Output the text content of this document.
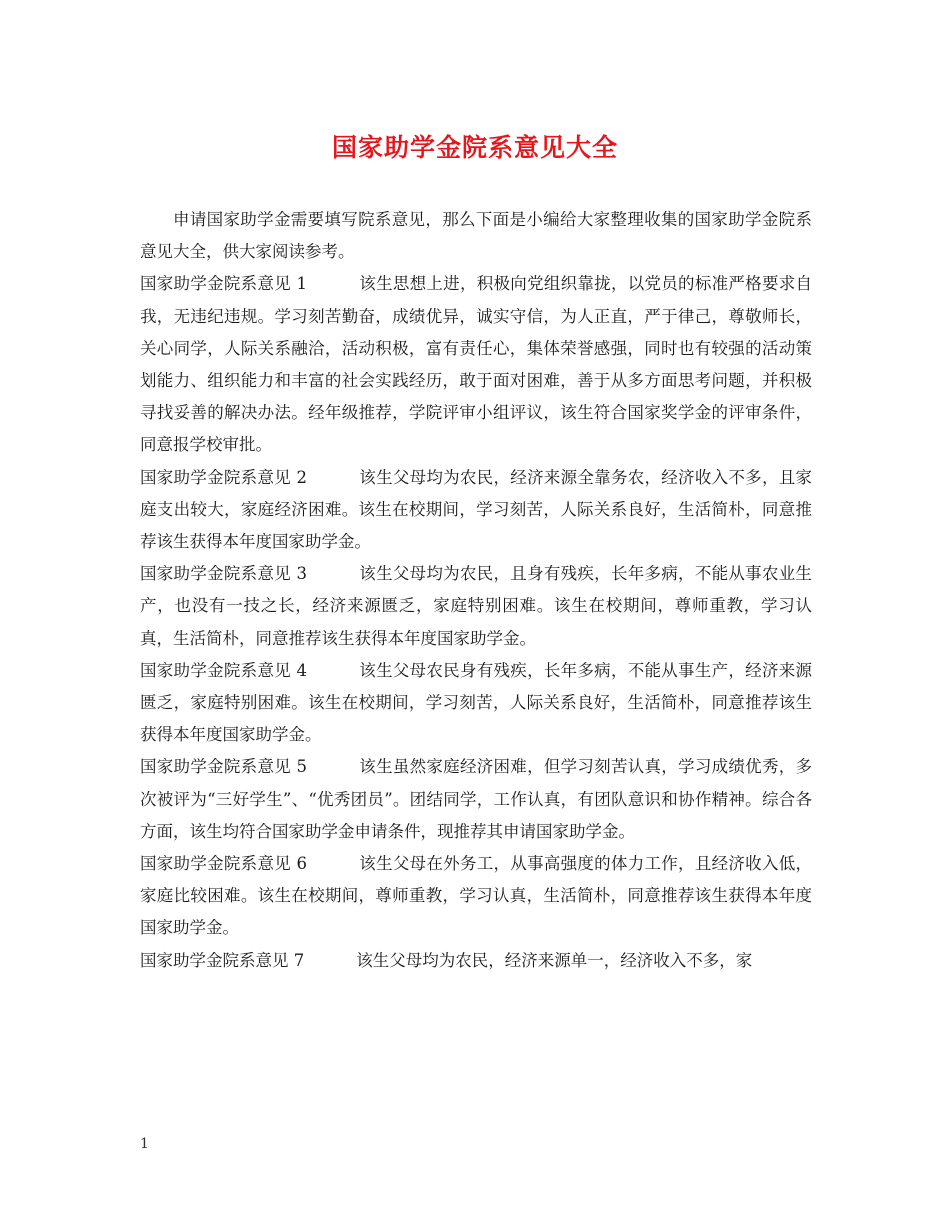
国家助学金院系意见大全

申请国家助学金需要填写院系意见，那么下面是小编给大家整理收集的国家助学金院系意见大全，供大家阅读参考。

国家助学金院系意见 1	该生思想上进，积极向党组织靠拢，以党员的标准严格要求自我，无违纪违规。学习刻苦勤奋，成绩优异，诚实守信，为人正直，严于律己，尊敬师长，关心同学，人际关系融洽，活动积极，富有责任心，集体荣誉感强，同时也有较强的活动策划能力、组织能力和丰富的社会实践经历，敢于面对困难，善于从多方面思考问题，并积极寻找妥善的解决办法。经年级推荐，学院评审小组评议，该生符合国家奖学金的评审条件，同意报学校审批。

国家助学金院系意见 2	该生父母均为农民，经济来源全靠务农，经济收入不多，且家庭支出较大，家庭经济困难。该生在校期间，学习刻苦，人际关系良好，生活简朴，同意推荐该生获得本年度国家助学金。

国家助学金院系意见 3	该生父母均为农民，且身有残疾，长年多病，不能从事农业生产，也没有一技之长，经济来源匮乏，家庭特别困难。该生在校期间，尊师重教，学习认真，生活简朴，同意推荐该生获得本年度国家助学金。

国家助学金院系意见 4	该生父母农民身有残疾，长年多病，不能从事生产，经济来源匮乏，家庭特别困难。该生在校期间，学习刻苦，人际关系良好，生活简朴，同意推荐该生获得本年度国家助学金。

国家助学金院系意见 5	该生虽然家庭经济困难，但学习刻苦认真，学习成绩优秀，多次被评为“三好学生”、“优秀团员”。团结同学，工作认真，有团队意识和协作精神。综合各方面，该生均符合国家助学金申请条件，现推荐其申请国家助学金。

国家助学金院系意见 6	该生父母在外务工，从事高强度的体力工作，且经济收入低，家庭比较困难。该生在校期间，尊师重教，学习认真，生活简朴，同意推荐该生获得本年度国家助学金。

国家助学金院系意见 7	该生父母均为农民，经济来源单一，经济收入不多，家

1
